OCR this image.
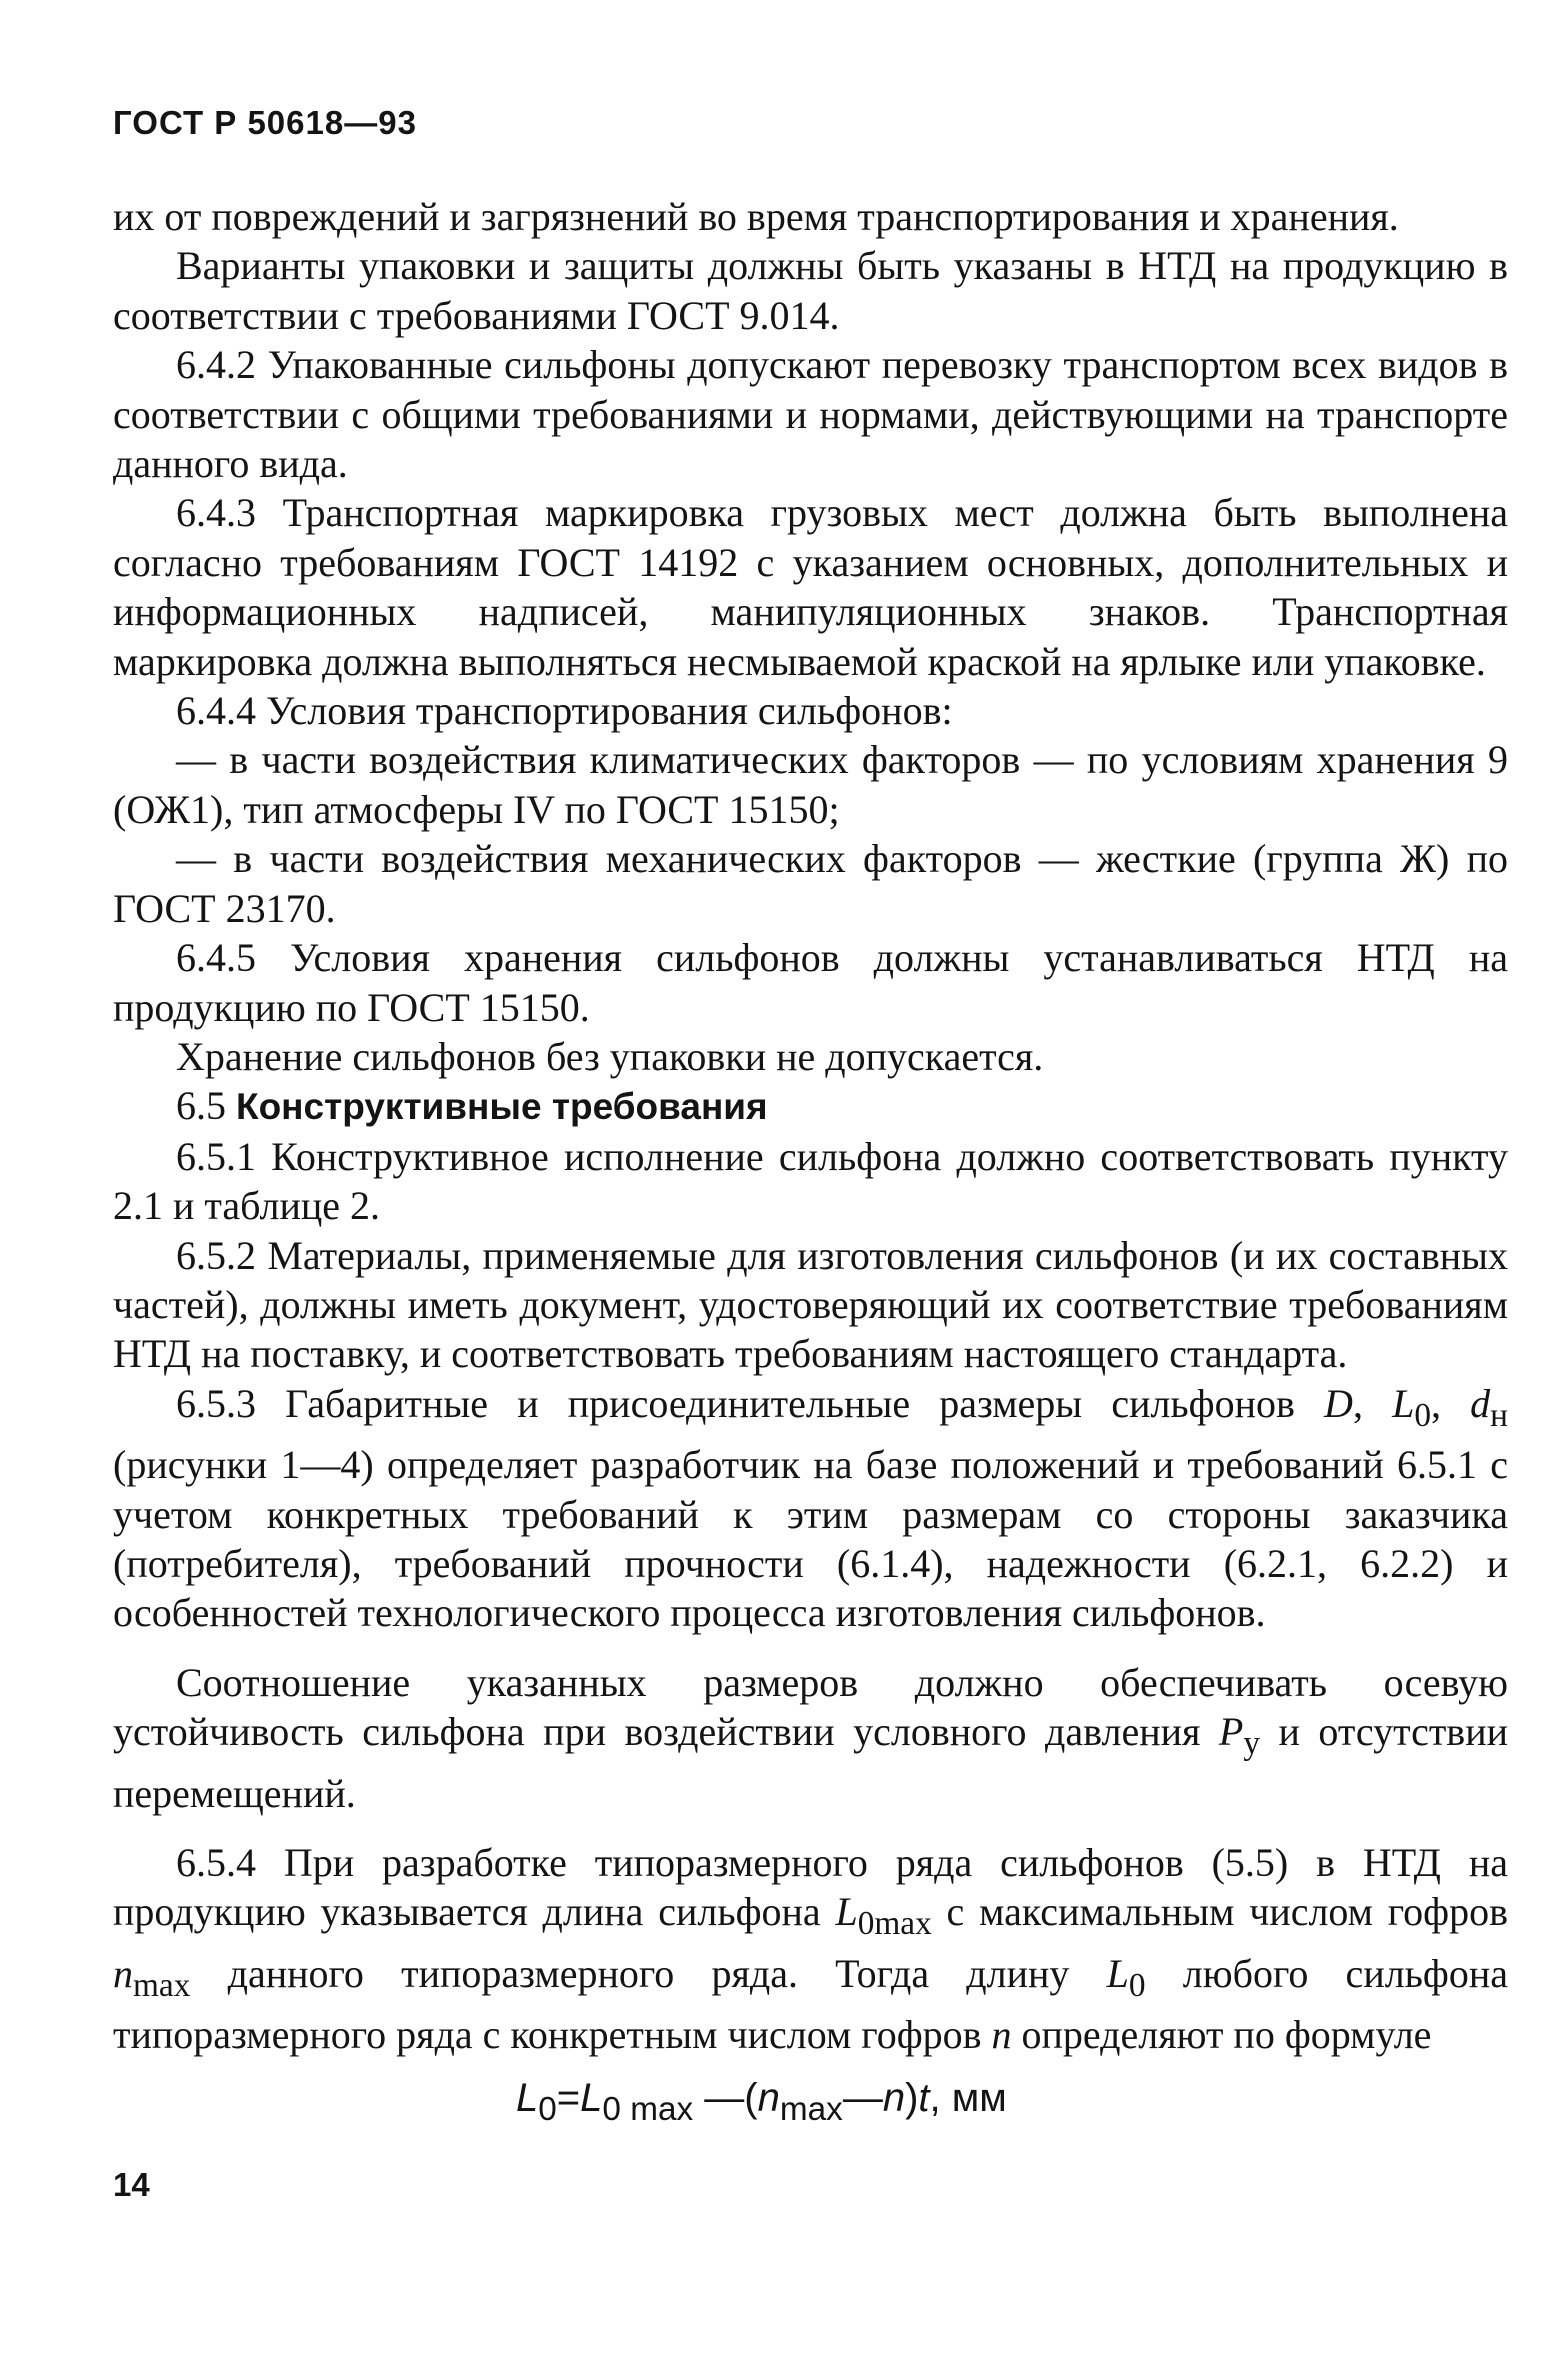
ГОСТ Р 50618—93

их от повреждений и загрязнений во время транспортирования и хранения.

Варианты упаковки и защиты должны быть указаны в НТД на продукцию в соответствии с требованиями ГОСТ 9.014.

6.4.2 Упакованные сильфоны допускают перевозку транспортом всех видов в соответствии с общими требованиями и нормами, действующими на транспорте данного вида.

6.4.3 Транспортная маркировка грузовых мест должна быть выполнена согласно требованиям ГОСТ 14192 с указанием основных, дополнительных и информационных надписей, манипуляционных знаков. Транспортная маркировка должна выполняться несмываемой краской на ярлыке или упаковке.

6.4.4 Условия транспортирования сильфонов:

— в части воздействия климатических факторов — по условиям хранения 9 (ОЖ1), тип атмосферы IV по ГОСТ 15150;

— в части воздействия механических факторов — жесткие (группа Ж) по ГОСТ 23170.

6.4.5 Условия хранения сильфонов должны устанавливаться НТД на продукцию по ГОСТ 15150.

Хранение сильфонов без упаковки не допускается.

6.5 Конструктивные требования

6.5.1 Конструктивное исполнение сильфона должно соответствовать пункту 2.1 и таблице 2.

6.5.2 Материалы, применяемые для изготовления сильфонов (и их составных частей), должны иметь документ, удостоверяющий их соответствие требованиям НТД на поставку, и соответствовать требованиям настоящего стандарта.

6.5.3 Габаритные и присоединительные размеры сильфонов D, $L_0$, $d_н$ (рисунки 1—4) определяет разработчик на базе положений и требований 6.5.1 с учетом конкретных требований к этим размерам со стороны заказчика (потребителя), требований прочности (6.1.4), надежности (6.2.1, 6.2.2) и особенностей технологического процесса изготовления сильфонов.

Соотношение указанных размеров должно обеспечивать осевую устойчивость сильфона при воздействии условного давления $P_y$ и отсутствии перемещений.

6.5.4 При разработке типоразмерного ряда сильфонов (5.5) в НТД на продукцию указывается длина сильфона $L_{0max}$ с максимальным числом гофров $n_{max}$ данного типоразмерного ряда. Тогда длину $L_0$ любого сильфона типоразмерного ряда с конкретным числом гофров n определяют по формуле

$L_0=L_{0 max}$ $—(n_{max}—n)t$, мм

14
